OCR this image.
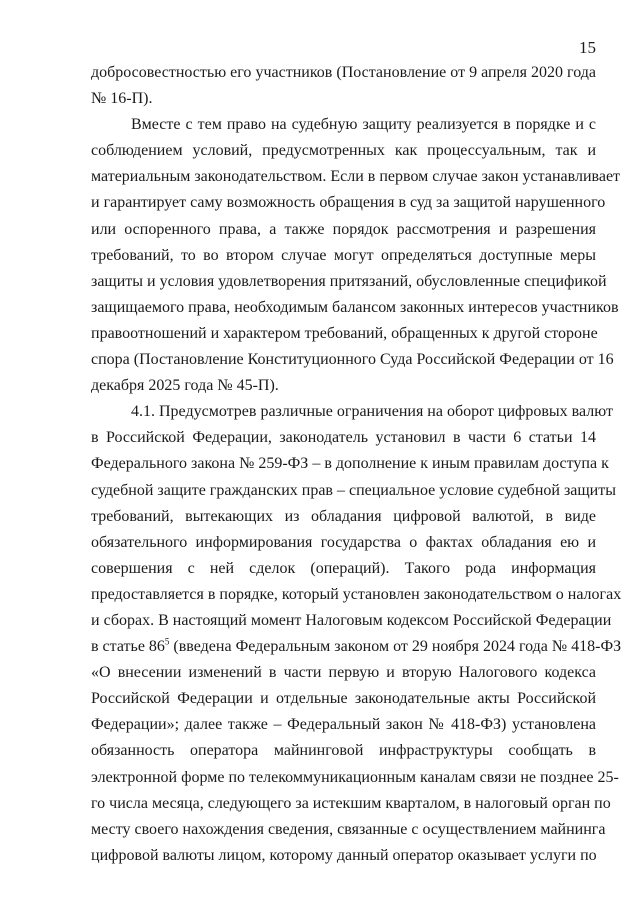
15
добросовестностью его участников (Постановление от 9 апреля 2020 года
№ 16-П).
Вместе с тем право на судебную защиту реализуется в порядке и с
соблюдением условий, предусмотренных как процессуальным, так и
материальным законодательством. Если в первом случае закон устанавливает
и гарантирует саму возможность обращения в суд за защитой нарушенного
или оспоренного права, а также порядок рассмотрения и разрешения
требований, то во втором случае могут определяться доступные меры
защиты и условия удовлетворения притязаний, обусловленные спецификой
защищаемого права, необходимым балансом законных интересов участников
правоотношений и характером требований, обращенных к другой стороне
спора (Постановление Конституционного Суда Российской Федерации от 16
декабря 2025 года № 45-П).
4.1. Предусмотрев различные ограничения на оборот цифровых валют
в Российской Федерации, законодатель установил в части 6 статьи 14
Федерального закона № 259-ФЗ – в дополнение к иным правилам доступа к
судебной защите гражданских прав – специальное условие судебной защиты
требований, вытекающих из обладания цифровой валютой, в виде
обязательного информирования государства о фактах обладания ею и
совершения с ней сделок (операций). Такого рода информация
предоставляется в порядке, который установлен законодательством о налогах
и сборах. В настоящий момент Налоговым кодексом Российской Федерации
в статье $86^5$ (введена Федеральным законом от 29 ноября 2024 года № 418-ФЗ
«О внесении изменений в части первую и вторую Налогового кодекса
Российской Федерации и отдельные законодательные акты Российской
Федерации»; далее также – Федеральный закон № 418-ФЗ) установлена
обязанность оператора майнинговой инфраструктуры сообщать в
электронной форме по телекоммуникационным каналам связи не позднее 25-
го числа месяца, следующего за истекшим кварталом, в налоговый орган по
месту своего нахождения сведения, связанные с осуществлением майнинга
цифровой валюты лицом, которому данный оператор оказывает услуги по
